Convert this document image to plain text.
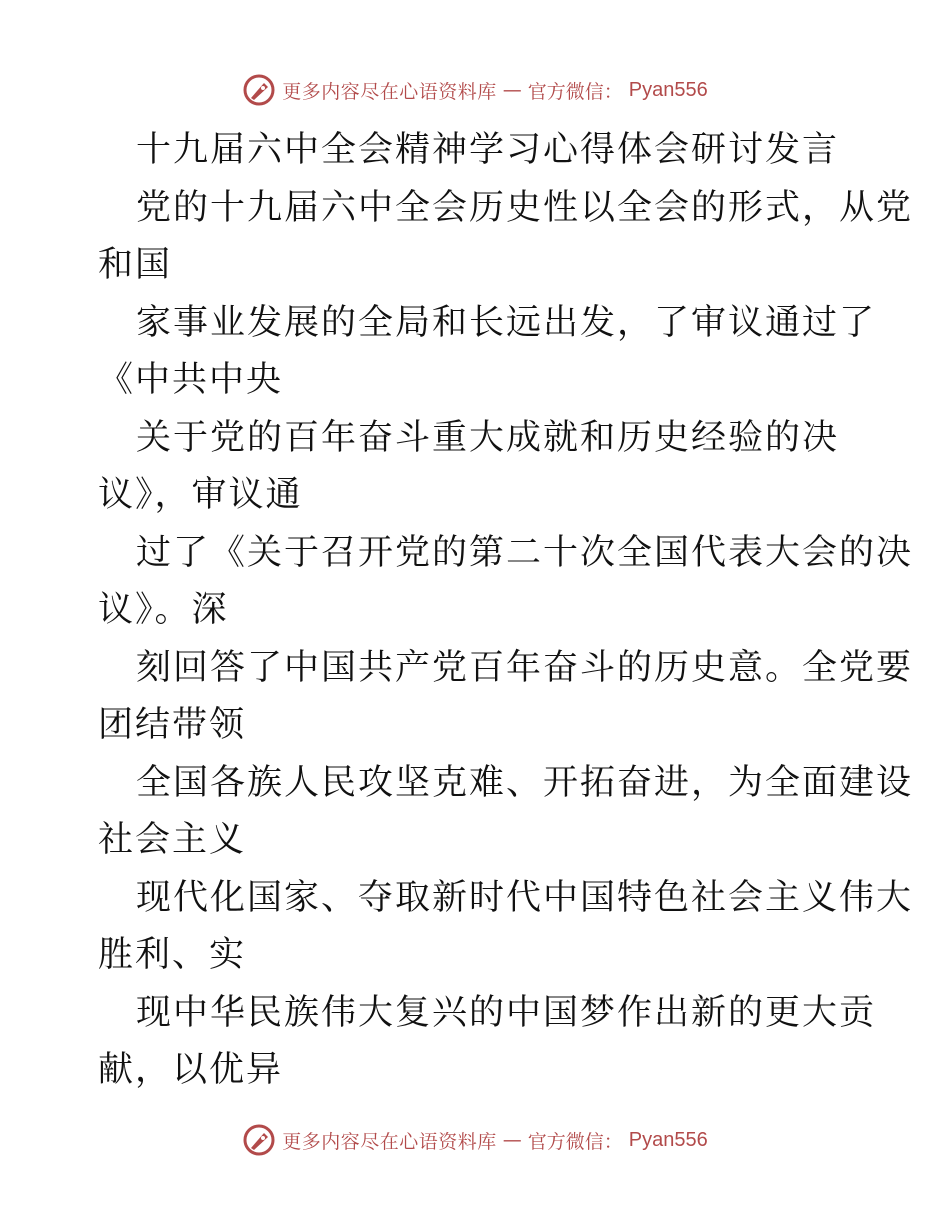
更多内容尽在心语资料库 — 官方微信： Pyan556
十九届六中全会精神学习心得体会研讨发言
党的十九届六中全会历史性以全会的形式，从党
和国
家事业发展的全局和长远出发，了审议通过了
《中共中央
关于党的百年奋斗重大成就和历史经验的决
议》，审议通
过了《关于召开党的第二十次全国代表大会的决
议》。深
刻回答了中国共产党百年奋斗的历史意。全党要
团结带领
全国各族人民攻坚克难、开拓奋进，为全面建设
社会主义
现代化国家、夺取新时代中国特色社会主义伟大
胜利、实
现中华民族伟大复兴的中国梦作出新的更大贡
献，以优异
更多内容尽在心语资料库 — 官方微信： Pyan556
